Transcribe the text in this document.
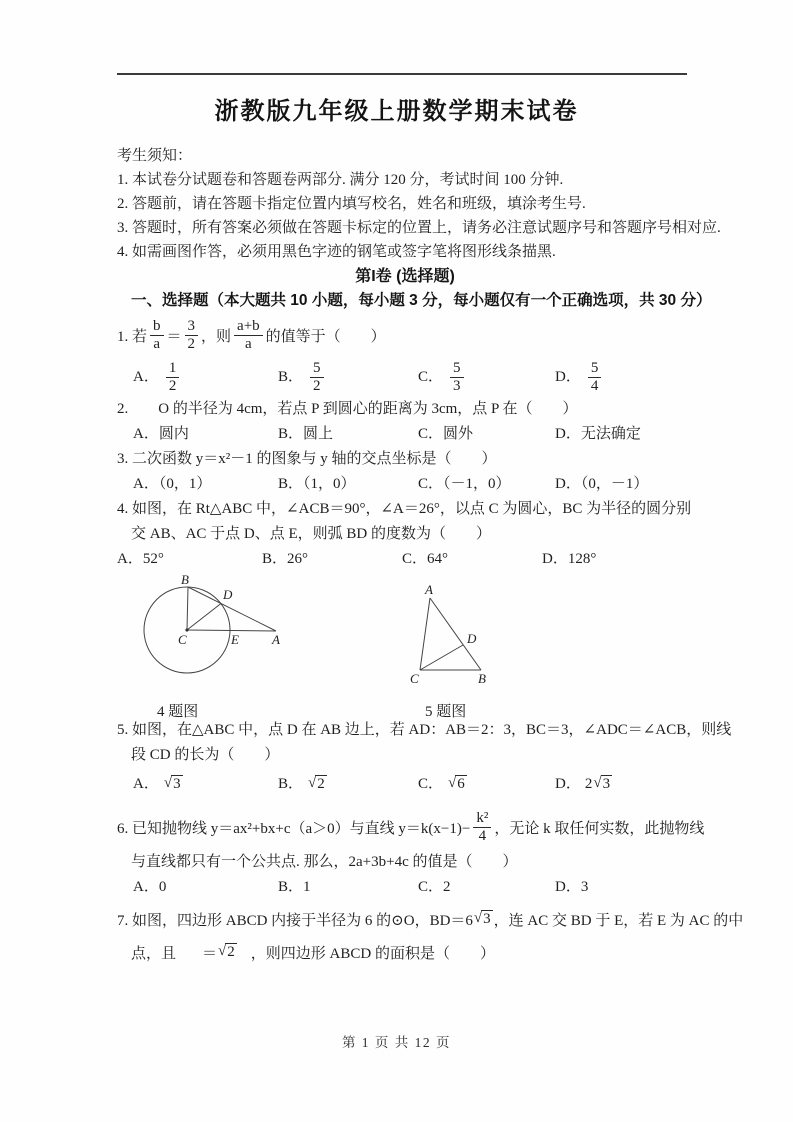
浙教版九年级上册数学期末试卷
考生须知：
1. 本试卷分试题卷和答题卷两部分. 满分 120 分，考试时间 100 分钟.
2. 答题前，请在答题卡指定位置内填写校名，姓名和班级，填涂考生号.
3. 答题时，所有答案必须做在答题卡标定的位置上，请务必注意试题序号和答题序号相对应.
4. 如需画图作答，必须用黑色字迹的钢笔或签字笔将图形线条描黑.
第I卷 (选择题)
一、选择题（本大题共 10 小题，每小题 3 分，每小题仅有一个正确选项，共 30 分）
1. 若 $\frac{b}{a} = \frac{3}{2}$ ，则 $\frac{a+b}{a}$ 的值等于（　　）
A． $\frac{1}{2}$	B． $\frac{5}{2}$	C． $\frac{5}{3}$	D． $\frac{5}{4}$
2.　　O 的半径为 4cm，若点 P 到圆心的距离为 3cm，点 P 在（　　）
A．圆内	B．圆上	C．圆外	D．无法确定
3. 二次函数 y＝x²－1 的图象与 y 轴的交点坐标是（　　）
A．（0，1）	B．（1，0）	C．（－1，0）	D．（0，－1）
4. 如图，在 Rt△ABC 中，∠ACB＝90°，∠A＝26°，以点 C 为圆心，BC 为半径的圆分别
交 AB、AC 于点 D、点 E，则弧 BD 的度数为（　　）
A．52°	B．26°	C．64°	D．128°
B
D
C	E	A
A
D
C	B
4 题图	5 题图
5. 如图，在△ABC 中，点 D 在 AB 边上，若 AD：AB＝2：3，BC＝3，∠ADC＝∠ACB，则线
段 CD 的长为（　　）
A． √ 3	B． √ 2	C． √ 6	D． 2 √ 3
6. 已知抛物线 y＝ax²+bx+c（a＞0）与直线 $y=k(x-1)- \frac{\text{k²}}{4}$ ，无论 k 取任何实数，此抛物线
与直线都只有一个公共点. 那么，2a+3b+4c 的值是（　　）
A．0	B．1	C．2	D．3
7. 如图，四边形 ABCD 内接于半径为 6 的⊙O，BD＝6 √ 3 ，连 AC 交 BD 于 E，若 E 为 AC 的中
点，且 ＝ √ 2 ，则四边形 ABCD 的面积是（　　）
第 1 页 共 12 页
